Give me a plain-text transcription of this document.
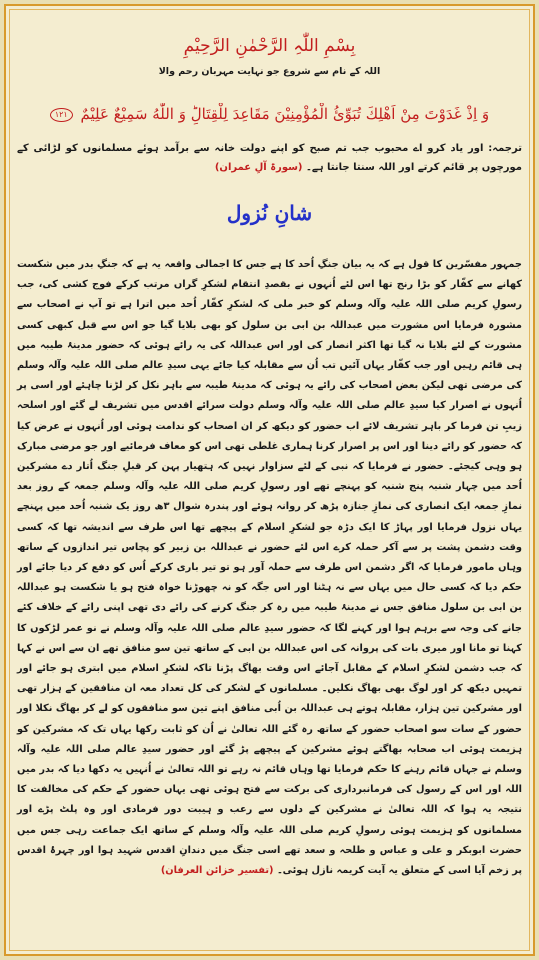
بِسْمِ اللّٰہِ الرَّحْمٰنِ الرَّحِیْمِ
اللہ کے نام سے شروع جو نہایت مہربان رحم والا
وَ اِذْ غَدَوْتَ مِنْ اَهْلِكَ تُبَوِّئُ الْمُؤْمِنِیْنَ مَقَاعِدَ لِلْقِتَالِؕ وَ اللّٰهُ سَمِیْعٌ عَلِیْمٌ ۱۲۱
ترجمہ: اور یاد کرو اے محبوب جب تم صبح کو اپنے دولت خانہ سے برآمد ہوئے مسلمانوں کو لڑائی کے مورچوں پر قائم کرتے اور اللہ سنتا جانتا ہے۔ (سورۃ آلِ عمران)
شانِ نُزول
جمہور مفسّرین کا قول ہے کہ یہ بیان جنگِ اُحد کا ہے جس کا اجمالی واقعہ یہ ہے کہ جنگِ بدر میں شکست کھانے سے کفّار کو بڑا رنج تھا اس لئے اُنہوں نے بقصدِ انتقام لشکرِ گراں مرتب کرکے فوج کشی کی، جب رسولِ کریم صلی اللہ علیہ وآلہ وسلم کو خبر ملی کہ لشکرِ کفّار اُحد میں اترا ہے تو آپ نے اصحاب سے مشورہ فرمایا اس مشورت میں عبداللہ بن ابی بن سلول کو بھی بلایا گیا جو اس سے قبل کبھی کسی مشورت کے لئے بلایا نہ گیا تھا اکثر انصار کی اور اس عبداللہ کی یہ رائے ہوئی کہ حضور مدینۂ طیبہ میں ہی قائم رہیں اور جب کفّار یہاں آئیں تب اُن سے مقابلہ کیا جائے یہی سیدِ عالم صلی اللہ علیہ وآلہ وسلم کی مرضی تھی لیکن بعض اصحاب کی رائے یہ ہوئی کہ مدینۂ طیبہ سے باہر نکل کر لڑنا چاہئے اور اسی پر اُنہوں نے اصرار کیا سیدِ عالم صلی اللہ علیہ وآلہ وسلم دولت سرائے اقدس میں تشریف لے گئے اور اسلحہ زیبِ تن فرما کر باہر تشریف لائے اب حضور کو دیکھ کر ان اصحاب کو ندامت ہوئی اور اُنہوں نے عرض کیا کہ حضور کو رائے دینا اور اس پر اصرار کرنا ہماری غلطی تھی اس کو معاف فرمائیے اور جو مرضی مبارک ہو وہی کیجئے۔ حضور نے فرمایا کہ نبی کے لئے سزاوار نہیں کہ ہتھیار پہن کر قبلِ جنگ اُتار دے مشرکین اُحد میں چہار شنبہ پنج شنبہ کو پہنچے تھے اور رسولِ کریم صلی اللہ علیہ وآلہ وسلم جمعہ کے روز بعد نمازِ جمعہ ایک انصاری کی نمازِ جنازہ پڑھ کر روانہ ہوئے اور پندرہ شوال ۳ھ روز یک شنبہ اُحد میں پہنچے یہاں نزول فرمایا اور پہاڑ کا ایک دڑہ جو لشکرِ اسلام کے پیچھے تھا اس طرف سے اندیشہ تھا کہ کسی وقت دشمن پشت پر سے آکر حملہ کرے اس لئے حضور نے عبداللہ بن زبیر کو پچاس تیر اندازوں کے ساتھ وہاں مامور فرمایا کہ اگر دشمن اس طرف سے حملہ آور ہو تو تیر باری کرکے اُس کو دفع کر دیا جائے اور حکم دیا کہ کسی حال میں یہاں سے نہ ہٹنا اور اس جگہ کو نہ چھوڑنا خواہ فتح ہو یا شکست ہو عبداللہ بن ابی بن سلول منافق جس نے مدینۂ طیبہ میں رہ کر جنگ کرنے کی رائے دی تھی اپنی رائے کے خلاف کئے جانے کی وجہ سے برہم ہوا اور کہنے لگا کہ حضور سیدِ عالم صلی اللہ علیہ وآلہ وسلم نے نو عمر لڑکوں کا کہنا تو مانا اور میری بات کی پروانہ کی اس عبداللہ بن ابی کے ساتھ تین سو منافق تھے ان سے اس نے کہا کہ جب دشمن لشکرِ اسلام کے مقابل آجائے اس وقت بھاگ پڑنا تاکہ لشکرِ اسلام میں ابتری ہو جائے اور تمہیں دیکھ کر اور لوگ بھی بھاگ نکلیں۔ مسلمانوں کے لشکر کی کل تعداد معہ ان منافقین کے ہزار تھی اور مشرکین تین ہزار، مقابلہ ہوتے ہی عبداللہ بن اُبی منافق اپنے تین سو منافقوں کو لے کر بھاگ نکلا اور حضور کے سات سو اصحاب حضور کے ساتھ رہ گئے اللہ تعالیٰ نے اُن کو ثابت رکھا یہاں تک کہ مشرکین کو ہزیمت ہوئی اب صحابہ بھاگتے ہوئے مشرکین کے پیچھے پڑ گئے اور حضور سیدِ عالم صلی اللہ علیہ وآلہ وسلم نے جہاں قائم رہنے کا حکم فرمایا تھا وہاں قائم نہ رہے تو اللہ تعالیٰ نے اُنہیں یہ دکھا دیا کہ بدر میں اللہ اور اس کے رسول کی فرمانبرداری کی برکت سے فتح ہوئی تھی یہاں حضور کے حکم کی مخالفت کا نتیجہ یہ ہوا کہ اللہ تعالیٰ نے مشرکین کے دلوں سے رعب و ہیبت دور فرمادی اور وہ پلٹ پڑے اور مسلمانوں کو ہزیمت ہوئی رسولِ کریم صلی اللہ علیہ وآلہ وسلم کے ساتھ ایک جماعت رہی جس میں حضرت ابوبکر و علی و عباس و طلحہ و سعد تھے اسی جنگ میں دندانِ اقدس شہید ہوا اور چہرۂ اقدس پر زخم آیا اسی کے متعلق یہ آیت کریمہ نازل ہوئی۔ (تفسیر خزائن العرفان)
